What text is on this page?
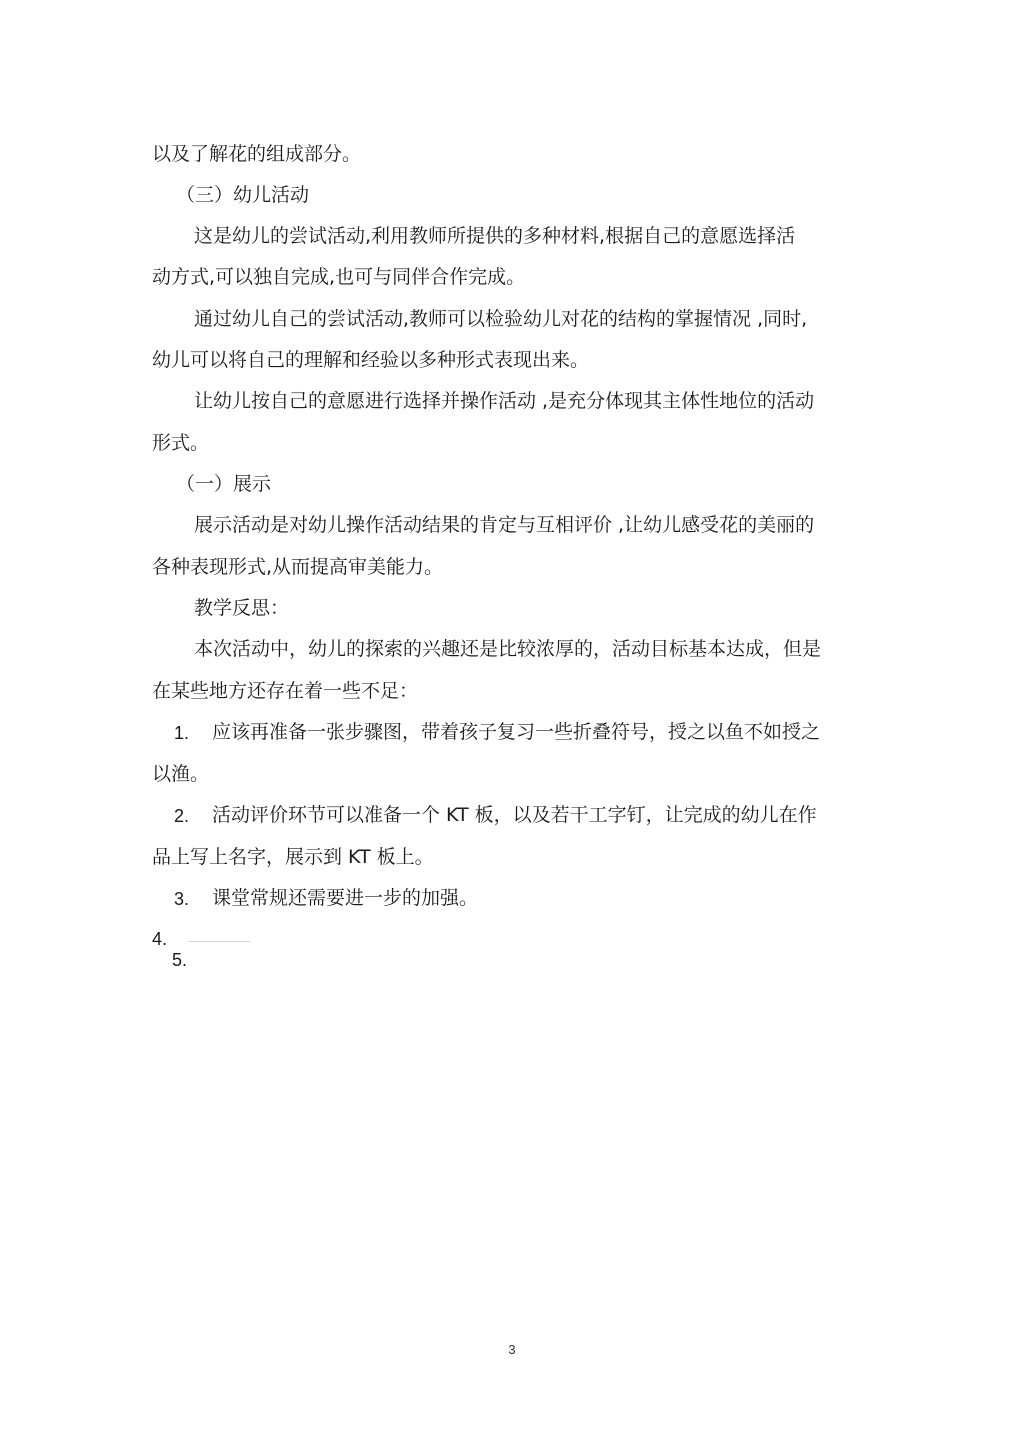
以及了解花的组成部分。
（三）幼儿活动
这是幼儿的尝试活动,利用教师所提供的多种材料,根据自己的意愿选择活
动方式,可以独自完成,也可与同伴合作完成。
通过幼儿自己的尝试活动,教师可以检验幼儿对花的结构的掌握情况 ,同时,
幼儿可以将自己的理解和经验以多种形式表现出来。
让幼儿按自己的意愿进行选择并操作活动 ,是充分体现其主体性地位的活动
形式。
（一）展示
展示活动是对幼儿操作活动结果的肯定与互相评价 ,让幼儿感受花的美丽的
各种表现形式,从而提高审美能力。
教学反思：
本次活动中，幼儿的探索的兴趣还是比较浓厚的，活动目标基本达成，但是
在某些地方还存在着一些不足：
1. 应该再准备一张步骤图，带着孩子复习一些折叠符号，授之以鱼不如授之
以渔。
2. 活动评价环节可以准备一个 KT 板，以及若干工字钉，让完成的幼儿在作
品上写上名字，展示到 KT 板上。
3. 课堂常规还需要进一步的加强。
4.
5.
3
